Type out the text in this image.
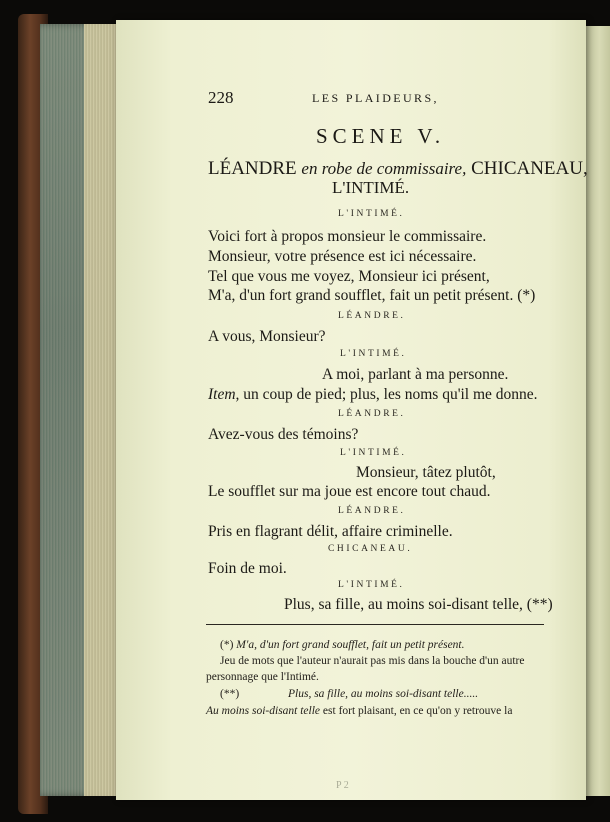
228	LES PLAIDEURS,
SCENE V.
LÉANDRE en robe de commissaire, CHICANEAU,
L'INTIMÉ.
L'INTIMÉ.
Voici fort à propos monsieur le commissaire.
Monsieur, votre présence est ici nécessaire.
Tel que vous me voyez, Monsieur ici présent,
M'a, d'un fort grand soufflet, fait un petit présent. (*)
LÉANDRE.
A vous, Monsieur?
L'INTIMÉ.
A moi, parlant à ma personne.
Item, un coup de pied; plus, les noms qu'il me donne.
LÉANDRE.
Avez-vous des témoins?
L'INTIMÉ.
Monsieur, tâtez plutôt,
Le soufflet sur ma joue est encore tout chaud.
LÉANDRE.
Pris en flagrant délit, affaire criminelle.
CHICANEAU.
Foin de moi.
L'INTIMÉ.
Plus, sa fille, au moins soi-disant telle, (**)
(*) M'a, d'un fort grand soufflet, fait un petit présent.
Jeu de mots que l'auteur n'aurait pas mis dans la bouche d'un autre
personnage que l'Intimé.
(**)	Plus, sa fille, au moins soi-disant telle.....
Au moins soi-disant telle est fort plaisant, en ce qu'on y retrouve la
P 2
